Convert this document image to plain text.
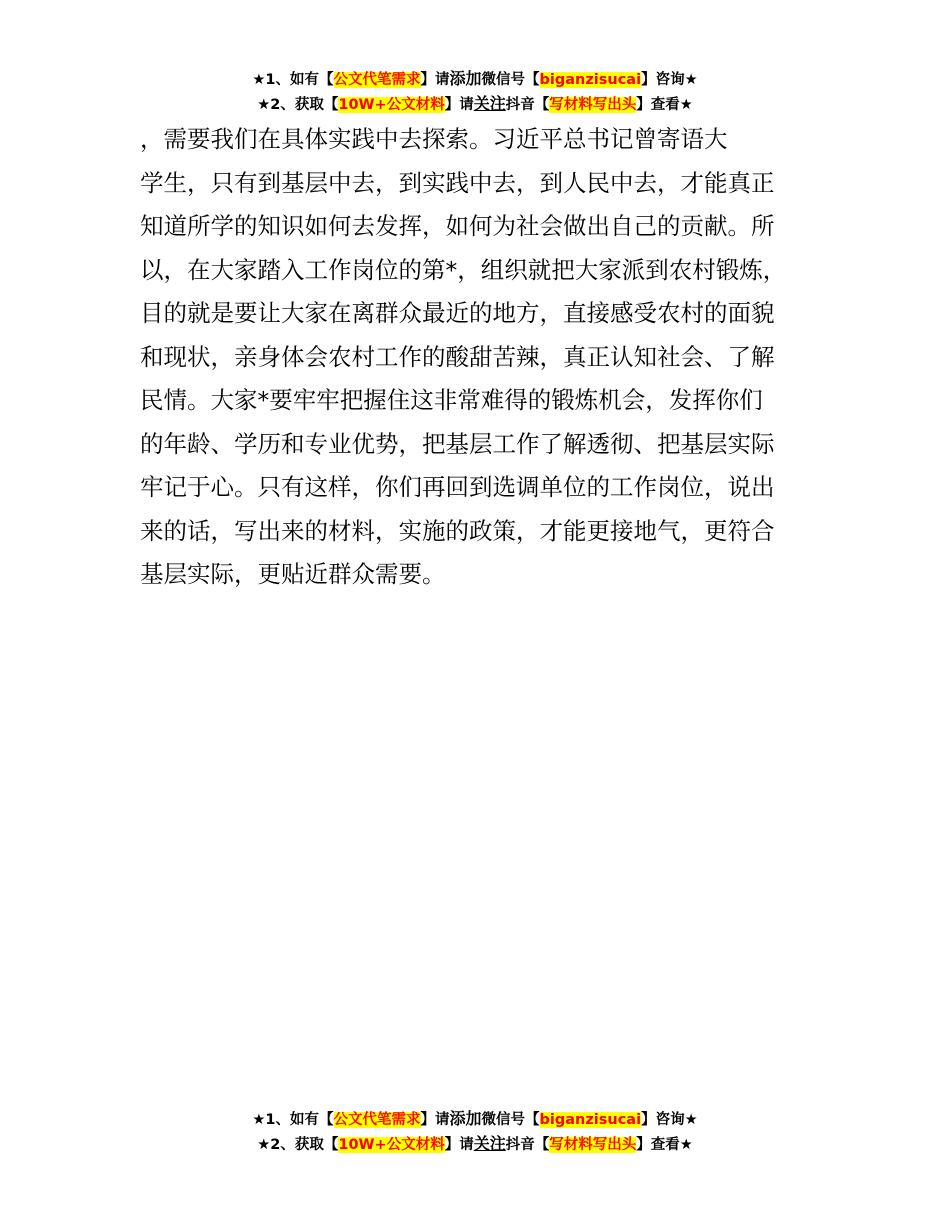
★1、如有【公文代笔需求】请添加微信号【biganzisucai】咨询★
★2、获取【10W+公文材料】请关注抖音【写材料写出头】查看★
，需要我们在具体实践中去探索。习近平总书记曾寄语大
学生，只有到基层中去，到实践中去，到人民中去，才能真正
知道所学的知识如何去发挥，如何为社会做出自己的贡献。所
以，在大家踏入工作岗位的第*，组织就把大家派到农村锻炼，
目的就是要让大家在离群众最近的地方，直接感受农村的面貌
和现状，亲身体会农村工作的酸甜苦辣，真正认知社会、了解
民情。大家*要牢牢把握住这非常难得的锻炼机会，发挥你们
的年龄、学历和专业优势，把基层工作了解透彻、把基层实际
牢记于心。只有这样，你们再回到选调单位的工作岗位，说出
来的话，写出来的材料，实施的政策，才能更接地气，更符合
基层实际，更贴近群众需要。
★1、如有【公文代笔需求】请添加微信号【biganzisucai】咨询★
★2、获取【10W+公文材料】请关注抖音【写材料写出头】查看★
